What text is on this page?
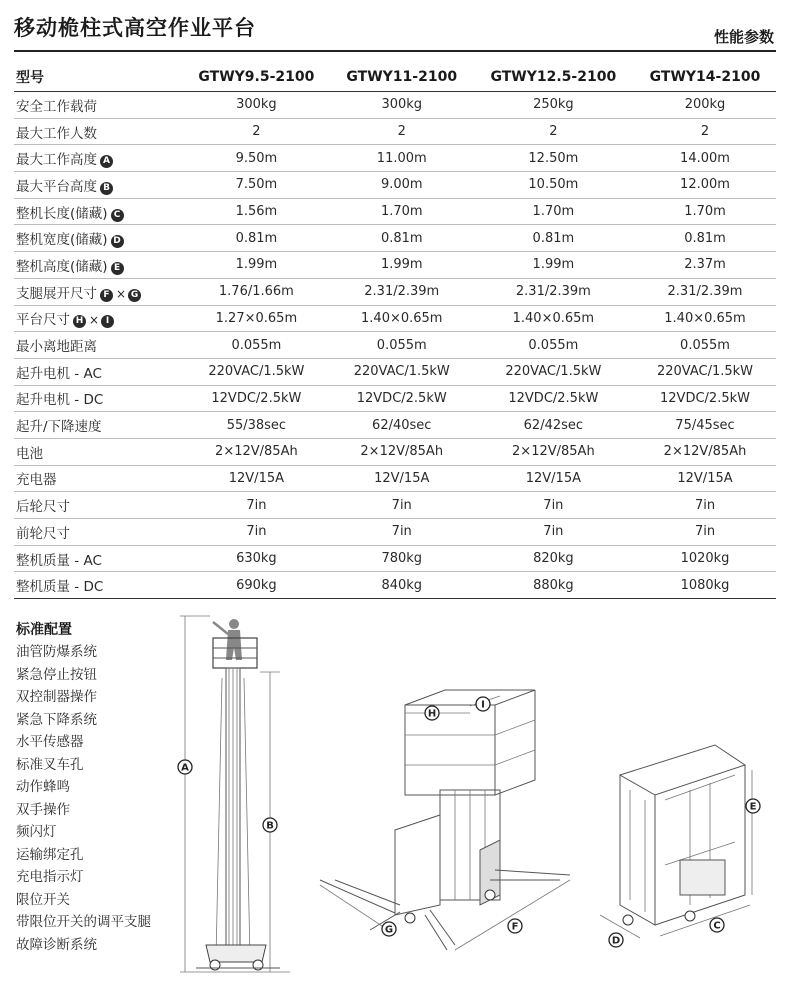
移动桅柱式高空作业平台	性能参数
型号	GTWY9.5-2100	GTWY11-2100	GTWY12.5-2100	GTWY14-2100
安全工作载荷	300kg	300kg	250kg	200kg
最大工作人数	2	2	2	2
最大工作高度 A	9.50m	11.00m	12.50m	14.00m
最大平台高度 B	7.50m	9.00m	10.50m	12.00m
整机长度(储藏) C	1.56m	1.70m	1.70m	1.70m
整机宽度(储藏) D	0.81m	0.81m	0.81m	0.81m
整机高度(储藏) E	1.99m	1.99m	1.99m	2.37m
支腿展开尺寸 F × G	1.76/1.66m	2.31/2.39m	2.31/2.39m	2.31/2.39m
平台尺寸 H × I	1.27×0.65m	1.40×0.65m	1.40×0.65m	1.40×0.65m
最小离地距离	0.055m	0.055m	0.055m	0.055m
起升电机 - AC	220VAC/1.5kW	220VAC/1.5kW	220VAC/1.5kW	220VAC/1.5kW
起升电机 - DC	12VDC/2.5kW	12VDC/2.5kW	12VDC/2.5kW	12VDC/2.5kW
起升/下降速度	55/38sec	62/40sec	62/42sec	75/45sec
电池	2×12V/85Ah	2×12V/85Ah	2×12V/85Ah	2×12V/85Ah
充电器	12V/15A	12V/15A	12V/15A	12V/15A
后轮尺寸	7in	7in	7in	7in
前轮尺寸	7in	7in	7in	7in
整机质量 - AC	630kg	780kg	820kg	1020kg
整机质量 - DC	690kg	840kg	880kg	1080kg
标准配置
油管防爆系统
紧急停止按钮
双控制器操作
紧急下降系统
水平传感器
标准叉车孔
动作蜂鸣
双手操作
频闪灯
运输绑定孔
充电指示灯
限位开关
带限位开关的调平支腿
故障诊断系统
A
B
H
I
G	F
E
C
D
